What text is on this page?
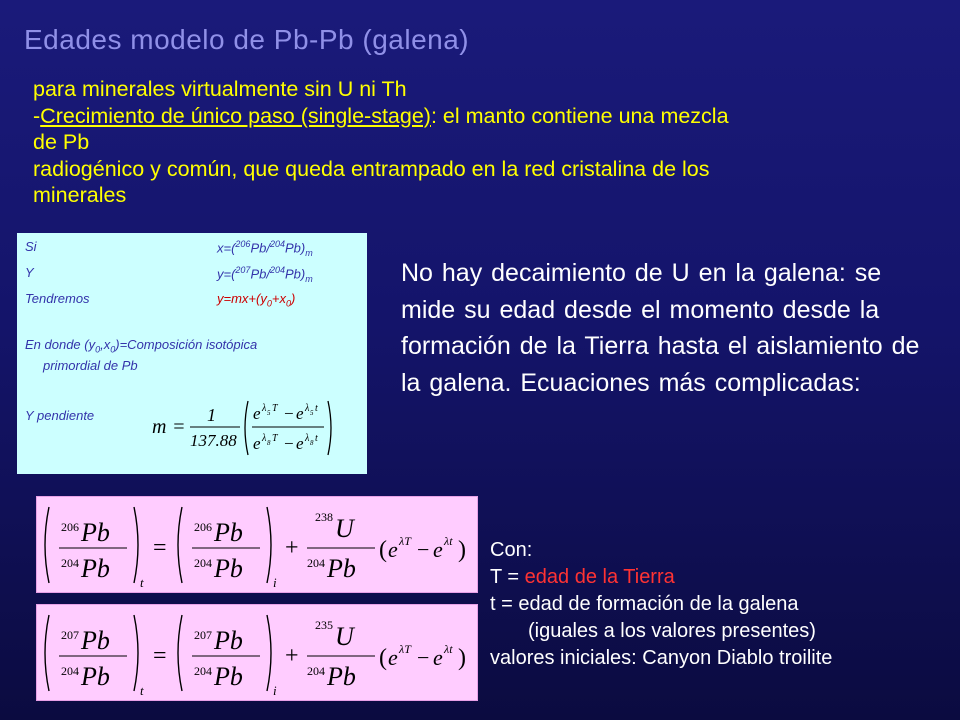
Edades modelo de Pb-Pb (galena)
para minerales virtualmente sin U ni Th
-Crecimiento de único paso (single-stage): el manto contiene una mezcla
de Pb
radiogénico y común, que queda entrampado en la red cristalina de los
minerales
Si	$x=(^{206}Pb/^{204}Pb)_m$
Y	$y=(^{207}Pb/^{204}Pb)_m$
Tendremos	$y=mx+(y_0+x_0)$
En donde $(y_0,x_0)=Composición$ isotópica
primordial de Pb
Y pendiente
m =
1
137.88
e λ 5 T − e λ 5 t
e λ 8 T − e λ 8 t
No hay decaimiento de U en la galena: se mide su edad desde el momento desde la formación de la Tierra hasta el aislamiento de la galena. Ecuaciones más complicadas:
206 Pb
204 Pb t
=
206 Pb
204 Pb i
+
238 U
204 Pb
( e λT − e λt )
207 Pb
204 Pb t
=
207 Pb
204 Pb i
+
235 U
204 Pb
( e λT − e λt )
Con:
T = edad de la Tierra
t = edad de formación de la galena
(iguales a los valores presentes)
valores iniciales: Canyon Diablo troilite
